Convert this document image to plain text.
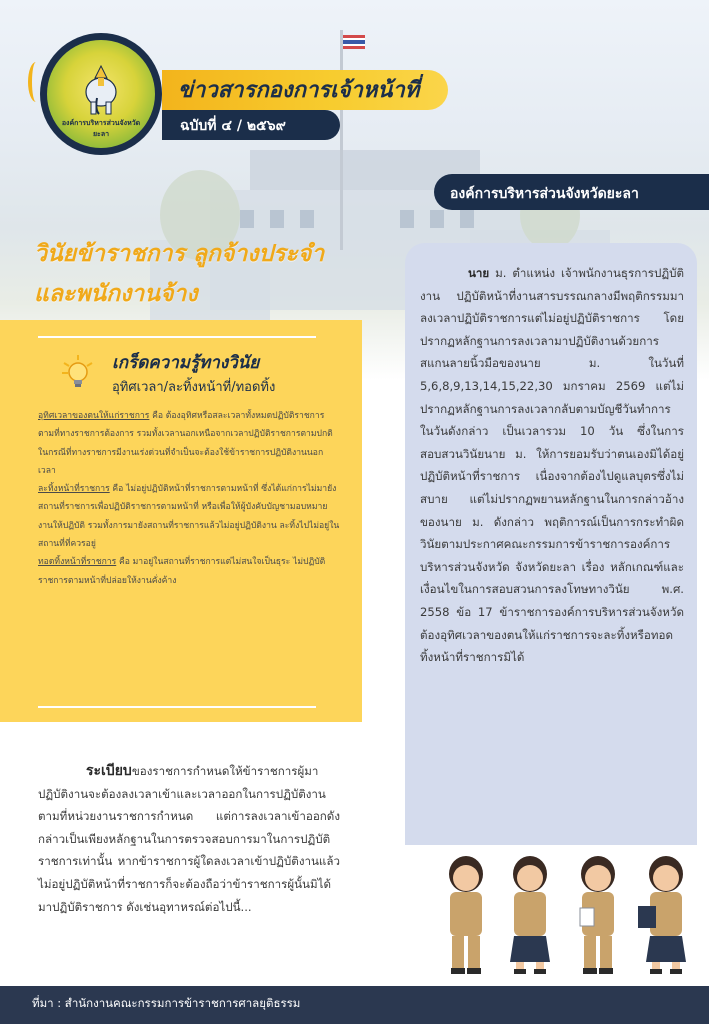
องค์การบริหารส่วนจังหวัดยะลา
ข่าวสารกองการเจ้าหน้าที่
ฉบับที่ ๔ / ๒๕๖๙
องค์การบริหารส่วนจังหวัดยะลา
วินัยข้าราชการ ลูกจ้างประจำ
และพนักงานจ้าง
เกร็ดความรู้ทางวินัย
อุทิศเวลา/ละทิ้งหน้าที่/ทอดทิ้ง
อุทิศเวลาของตนให้แก่ราชการ คือ ต้องอุทิศหรือสละเวลาทั้งหมดปฏิบัติราชการตามที่ทางราชการต้องการ รวมทั้งเวลานอกเหนือจากเวลาปฏิบัติราชการตามปกติในกรณีที่ทางราชการมีงานเร่งด่วนที่จำเป็นจะต้องใช้ข้าราชการปฏิบัติงานนอกเวลา
ละทิ้งหน้าที่ราชการ คือ ไม่อยู่ปฏิบัติหน้าที่ราชการตามหน้าที่ ซึ่งได้แก่การไม่มายังสถานที่ราชการเพื่อปฏิบัติราชการตามหน้าที่ หรือเพื่อให้ผู้บังคับบัญชามอบหมายงานให้ปฏิบัติ รวมทั้งการมายังสถานที่ราชการแล้วไม่อยู่ปฏิบัติงาน ละทิ้งไปไม่อยู่ในสถานที่ที่ควรอยู่
ทอดทิ้งหน้าที่ราชการ คือ มาอยู่ในสถานที่ราชการแต่ไม่สนใจเป็นธุระ ไม่ปฏิบัติราชการตามหน้าที่ปล่อยให้งานคั่งค้าง
นาย ม. ตำแหน่ง เจ้าพนักงานธุรการปฏิบัติงาน ปฏิบัติหน้าที่งานสารบรรณกลางมีพฤติกรรมมาลงเวลาปฏิบัติราชการแต่ไม่อยู่ปฏิบัติราชการ โดยปรากฏหลักฐานการลงเวลามาปฏิบัติงานด้วยการสแกนลายนิ้วมือของนาย ม. ในวันที่ 5,6,8,9,13,14,15,22,30 มกราคม 2569 แต่ไม่ปรากฏหลักฐานการลงเวลากลับตามบัญชีวันทำการในวันดังกล่าว เป็นเวลารวม 10 วัน ซึ่งในการสอบสวนวินัยนาย ม. ให้การยอมรับว่าตนเองมิได้อยู่ปฏิบัติหน้าที่ราชการ เนื่องจากต้องไปดูแลบุตรซึ่งไม่สบาย แต่ไม่ปรากฏพยานหลักฐานในการกล่าวอ้างของนาย ม. ดังกล่าว พฤติการณ์เป็นการกระทำผิดวินัยตามประกาศคณะกรรมการข้าราชการองค์การบริหารส่วนจังหวัด จังหวัดยะลา เรื่อง หลักเกณฑ์และเงื่อนไขในการสอบสวนการลงโทษทางวินัย พ.ศ. 2558 ข้อ 17 ข้าราชการองค์การบริหารส่วนจังหวัดต้องอุทิศเวลาของตนให้แก่ราชการจะละทิ้งหรือทอดทิ้งหน้าที่ราชการมิได้
ระเบียบของราชการกำหนดให้ข้าราชการผู้มาปฏิบัติงานจะต้องลงเวลาเข้าและเวลาออกในการปฏิบัติงานตามที่หน่วยงานราชการกำหนด แต่การลงเวลาเข้าออกดังกล่าวเป็นเพียงหลักฐานในการตรวจสอบการมาในการปฏิบัติราชการเท่านั้น หากข้าราชการผู้ใดลงเวลาเข้าปฏิบัติงานแล้วไม่อยู่ปฏิบัติหน้าที่ราชการก็จะต้องถือว่าข้าราชการผู้นั้นมิได้มาปฏิบัติราชการ ดังเช่นอุทาหรณ์ต่อไปนี้...
ที่มา : สำนักงานคณะกรรมการข้าราชการศาลยุติธรรม
